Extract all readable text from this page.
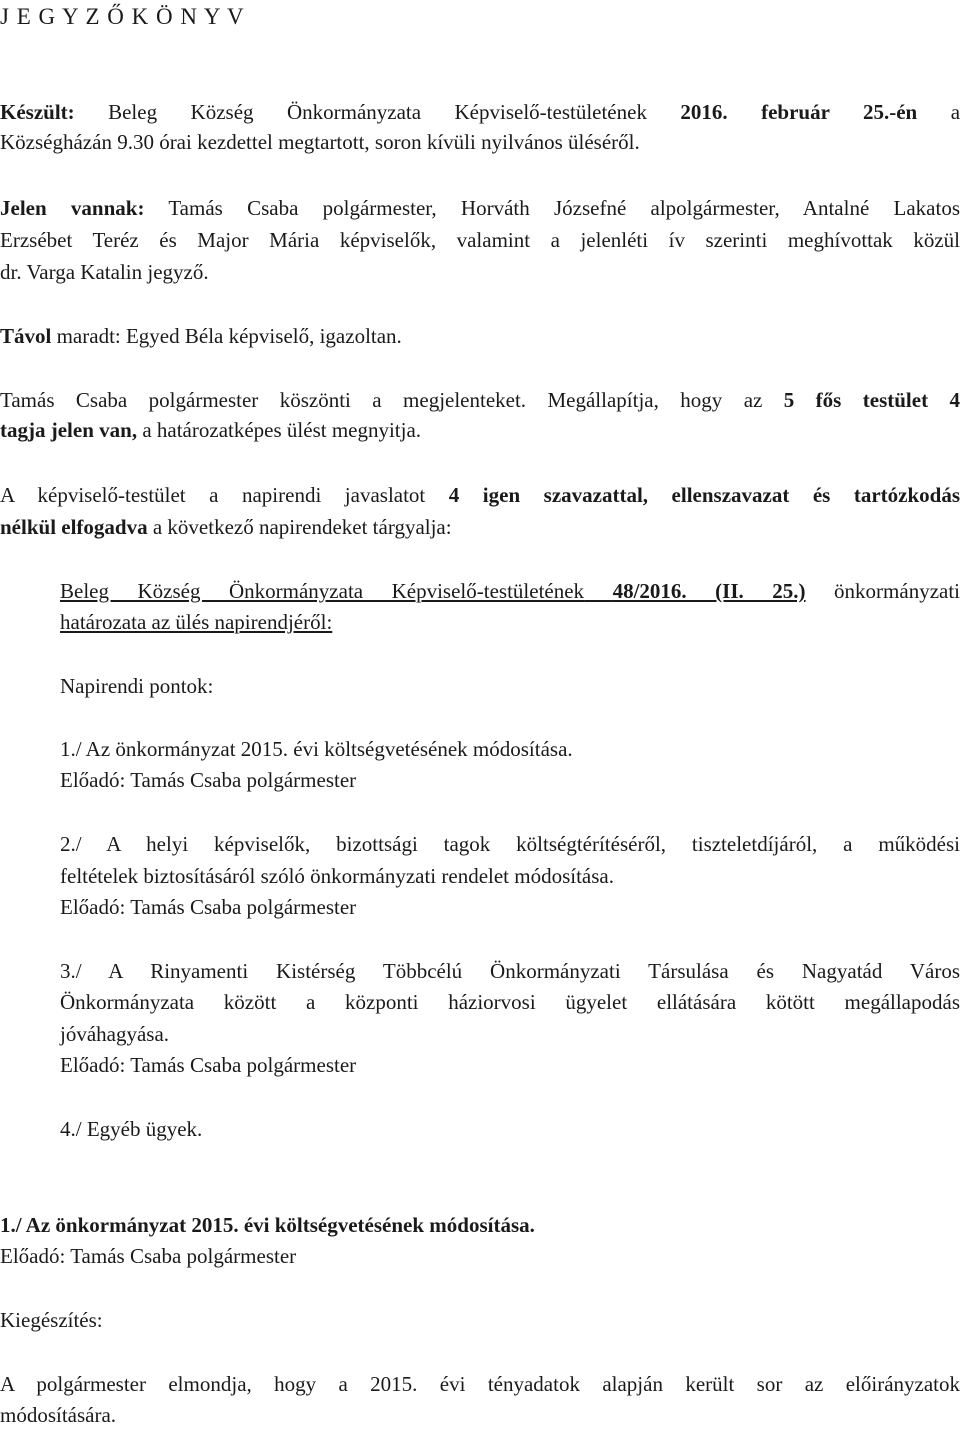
J E G Y Z Ő K Ö N Y V

Készült: Beleg Község Önkormányzata Képviselő-testületének 2016. február 25.-én a

Községházán 9.30 órai kezdettel megtartott, soron kívüli nyilvános üléséről.

Jelen vannak: Tamás Csaba polgármester, Horváth Józsefné alpolgármester, Antalné Lakatos

Erzsébet Teréz és Major Mária képviselők, valamint a jelenléti ív szerinti meghívottak közül

dr. Varga Katalin jegyző.

Távol maradt: Egyed Béla képviselő, igazoltan.

Tamás Csaba polgármester köszönti a megjelenteket. Megállapítja, hogy az 5 fős testület 4

tagja jelen van, a határozatképes ülést megnyitja.

A képviselő-testület a napirendi javaslatot 4 igen szavazattal, ellenszavazat és tartózkodás

nélkül elfogadva a következő napirendeket tárgyalja:

Beleg Község Önkormányzata Képviselő-testületének 48/2016. (II. 25.) önkormányzati

határozata az ülés napirendjéről:

Napirendi pontok:

1./ Az önkormányzat 2015. évi költségvetésének módosítása.

Előadó: Tamás Csaba polgármester

2./ A helyi képviselők, bizottsági tagok költségtérítéséről, tiszteletdíjáról, a működési

feltételek biztosításáról szóló önkormányzati rendelet módosítása.

Előadó: Tamás Csaba polgármester

3./ A Rinyamenti Kistérség Többcélú Önkormányzati Társulása és Nagyatád Város

Önkormányzata között a központi háziorvosi ügyelet ellátására kötött megállapodás

jóváhagyása.

Előadó: Tamás Csaba polgármester

4./ Egyéb ügyek.

1./ Az önkormányzat 2015. évi költségvetésének módosítása.

Előadó: Tamás Csaba polgármester

Kiegészítés:

A polgármester elmondja, hogy a 2015. évi tényadatok alapján került sor az előirányzatok

módosítására.
